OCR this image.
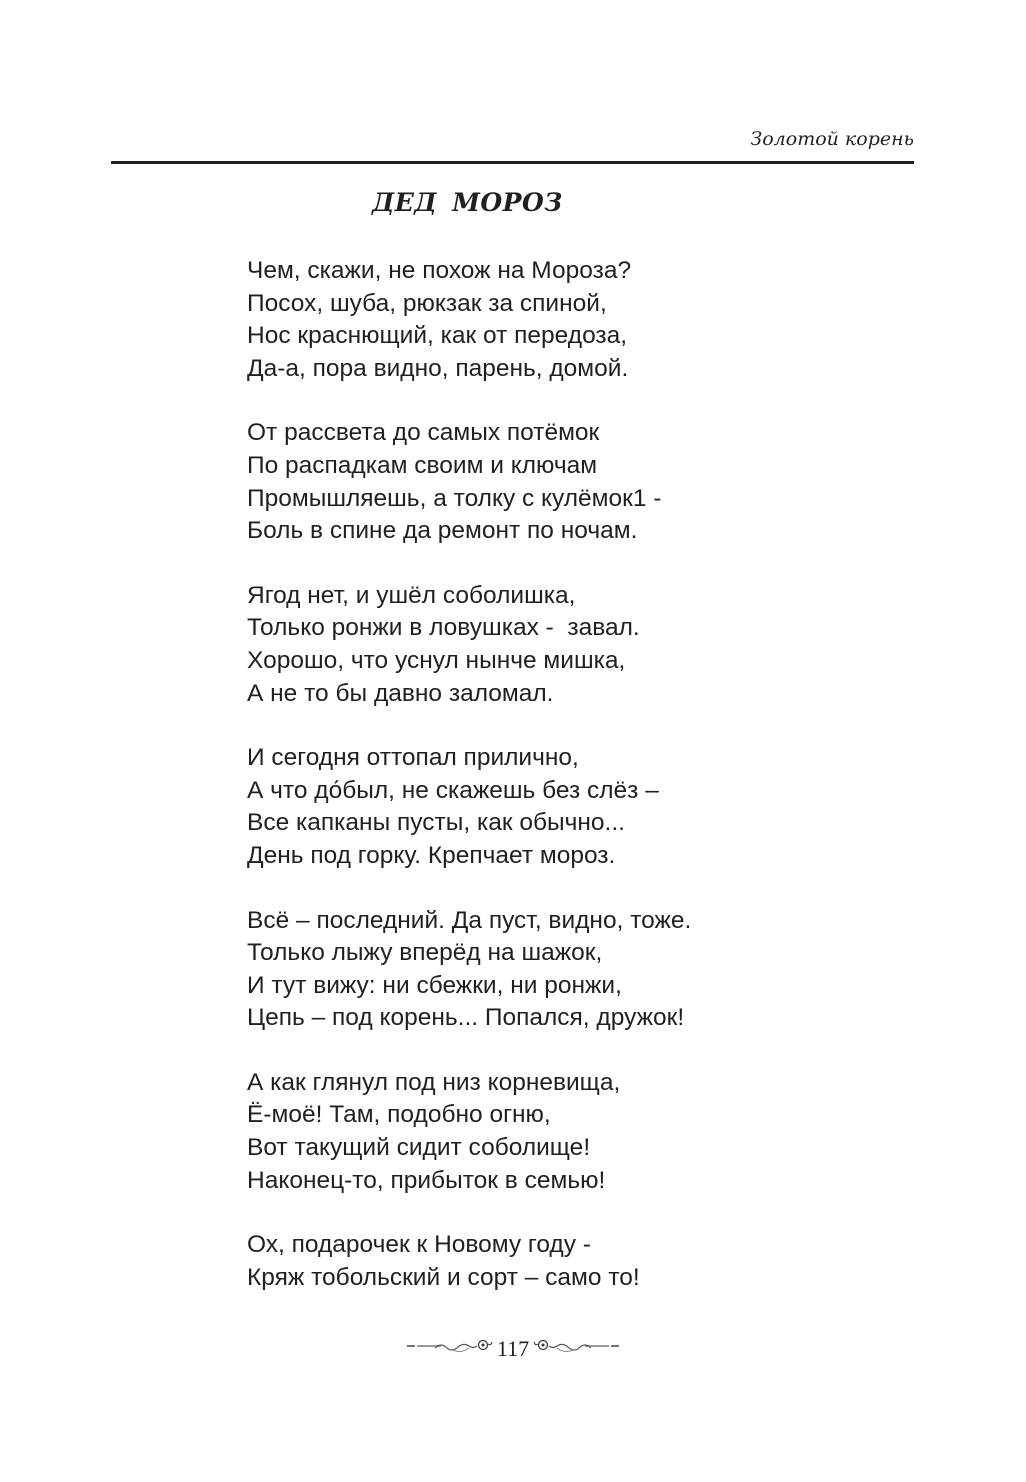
Золотой корень
ДЕД МОРОЗ
Чем, скажи, не похож на Мороза?
Посох, шуба, рюкзак за спиной,
Нос краснющий, как от передоза,
Да-а, пора видно, парень, домой.
От рассвета до самых потёмок
По распадкам своим и ключам
Промышляешь, а толку с кулёмок1 -
Боль в спине да ремонт по ночам.
Ягод нет, и ушёл соболишка,
Только ронжи в ловушках -  завал.
Хорошо, что уснул нынче мишка,
А не то бы давно заломал.
И сегодня оттопал прилично,
А что до́был, не скажешь без слёз –
Все капканы пусты, как обычно...
День под горку. Крепчает мороз.
Всё – последний. Да пуст, видно, тоже.
Только лыжу вперёд на шажок,
И тут вижу: ни сбежки, ни ронжи,
Цепь – под корень... Попался, дружок!
А как глянул под низ корневища,
Ё-моё! Там, подобно огню,
Вот такущий сидит соболище!
Наконец-то, прибыток в семью!
Ох, подарочек к Новому году -
Кряж тобольский и сорт – само то!
117
